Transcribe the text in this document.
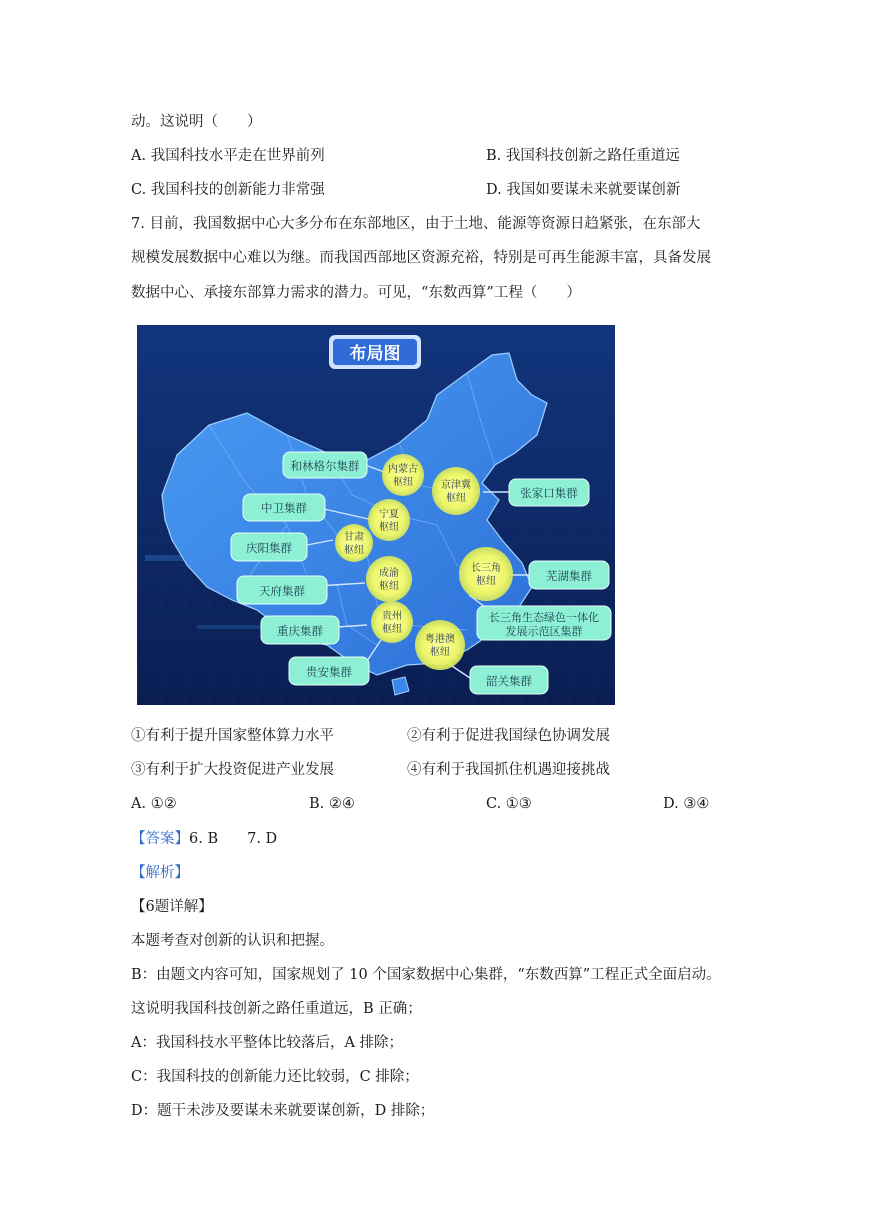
动。这说明（　　）
A. 我国科技水平走在世界前列	B. 我国科技创新之路任重道远
C. 我国科技的创新能力非常强	D. 我国如要谋未来就要谋创新
7. 目前，我国数据中心大多分布在东部地区，由于土地、能源等资源日趋紧张，在东部大
规模发展数据中心难以为继。而我国西部地区资源充裕，特别是可再生能源丰富，具备发展
数据中心、承接东部算力需求的潜力。可见，“东数西算”工程（　　）
布局图
内蒙古
枢纽	京津冀
枢纽
宁夏
枢纽
甘肃
枢纽
成渝
枢纽
长三角
枢纽
贵州
枢纽
粤港澳
枢纽
和林格尔集群
张家口集群
中卫集群
庆阳集群
芜湖集群
天府集群
长三角生态绿色一体化
发展示范区集群
重庆集群
贵安集群
韶关集群
①有利于提升国家整体算力水平	②有利于促进我国绿色协调发展
③有利于扩大投资促进产业发展	④有利于我国抓住机遇迎接挑战
A. ①②	B. ②④	C. ①③	D. ③④
【答案】6. B　　7. D
【解析】
【6题详解】
本题考查对创新的认识和把握。
B：由题文内容可知，国家规划了 10 个国家数据中心集群，“东数西算”工程正式全面启动。
这说明我国科技创新之路任重道远，B 正确；
A：我国科技水平整体比较落后，A 排除；
C：我国科技的创新能力还比较弱，C 排除；
D：题干未涉及要谋未来就要谋创新，D 排除；
